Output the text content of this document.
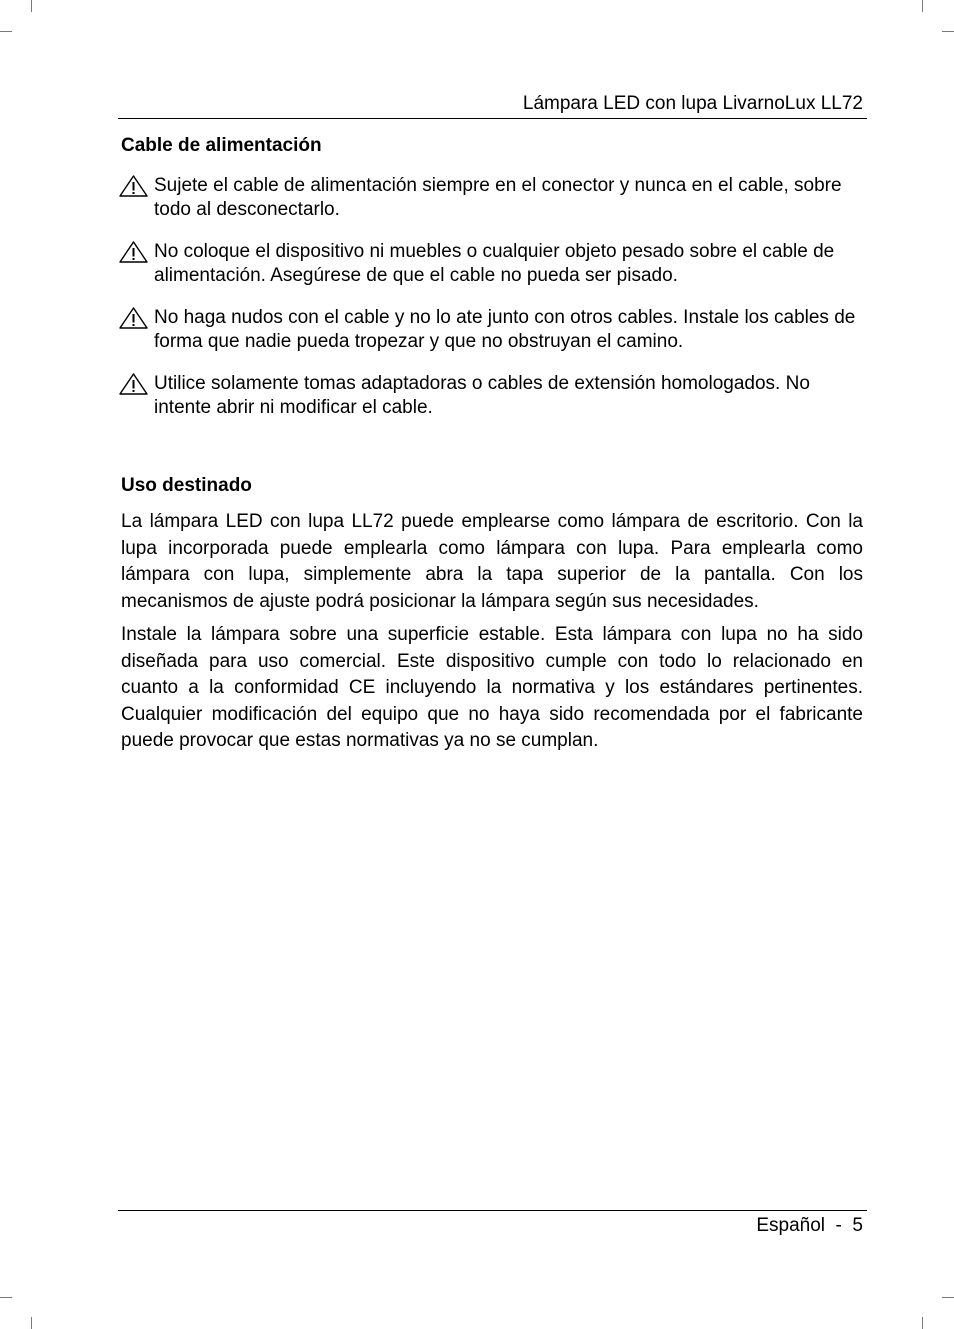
Lámpara LED con lupa LivarnoLux LL72
Cable de alimentación
Sujete el cable de alimentación siempre en el conector y nunca en el cable, sobre todo al desconectarlo.
No coloque el dispositivo ni muebles o cualquier objeto pesado sobre el cable de alimentación. Asegúrese de que el cable no pueda ser pisado.
No haga nudos con el cable y no lo ate junto con otros cables. Instale los cables de forma que nadie pueda tropezar y que no obstruyan el camino.
Utilice solamente tomas adaptadoras o cables de extensión homologados. No intente abrir ni modificar el cable.
Uso destinado

La lámpara LED con lupa LL72 puede emplearse como lámpara de escritorio. Con la lupa incorporada puede emplearla como lámpara con lupa. Para emplearla como lámpara con lupa, simplemente abra la tapa superior de la pantalla. Con los mecanismos de ajuste podrá posicionar la lámpara según sus necesidades.

Instale la lámpara sobre una superficie estable. Esta lámpara con lupa no ha sido diseñada para uso comercial. Este dispositivo cumple con todo lo relacionado en cuanto a la conformidad CE incluyendo la normativa y los estándares pertinentes. Cualquier modificación del equipo que no haya sido recomendada por el fabricante puede provocar que estas normativas ya no se cumplan.

Español  -  5
